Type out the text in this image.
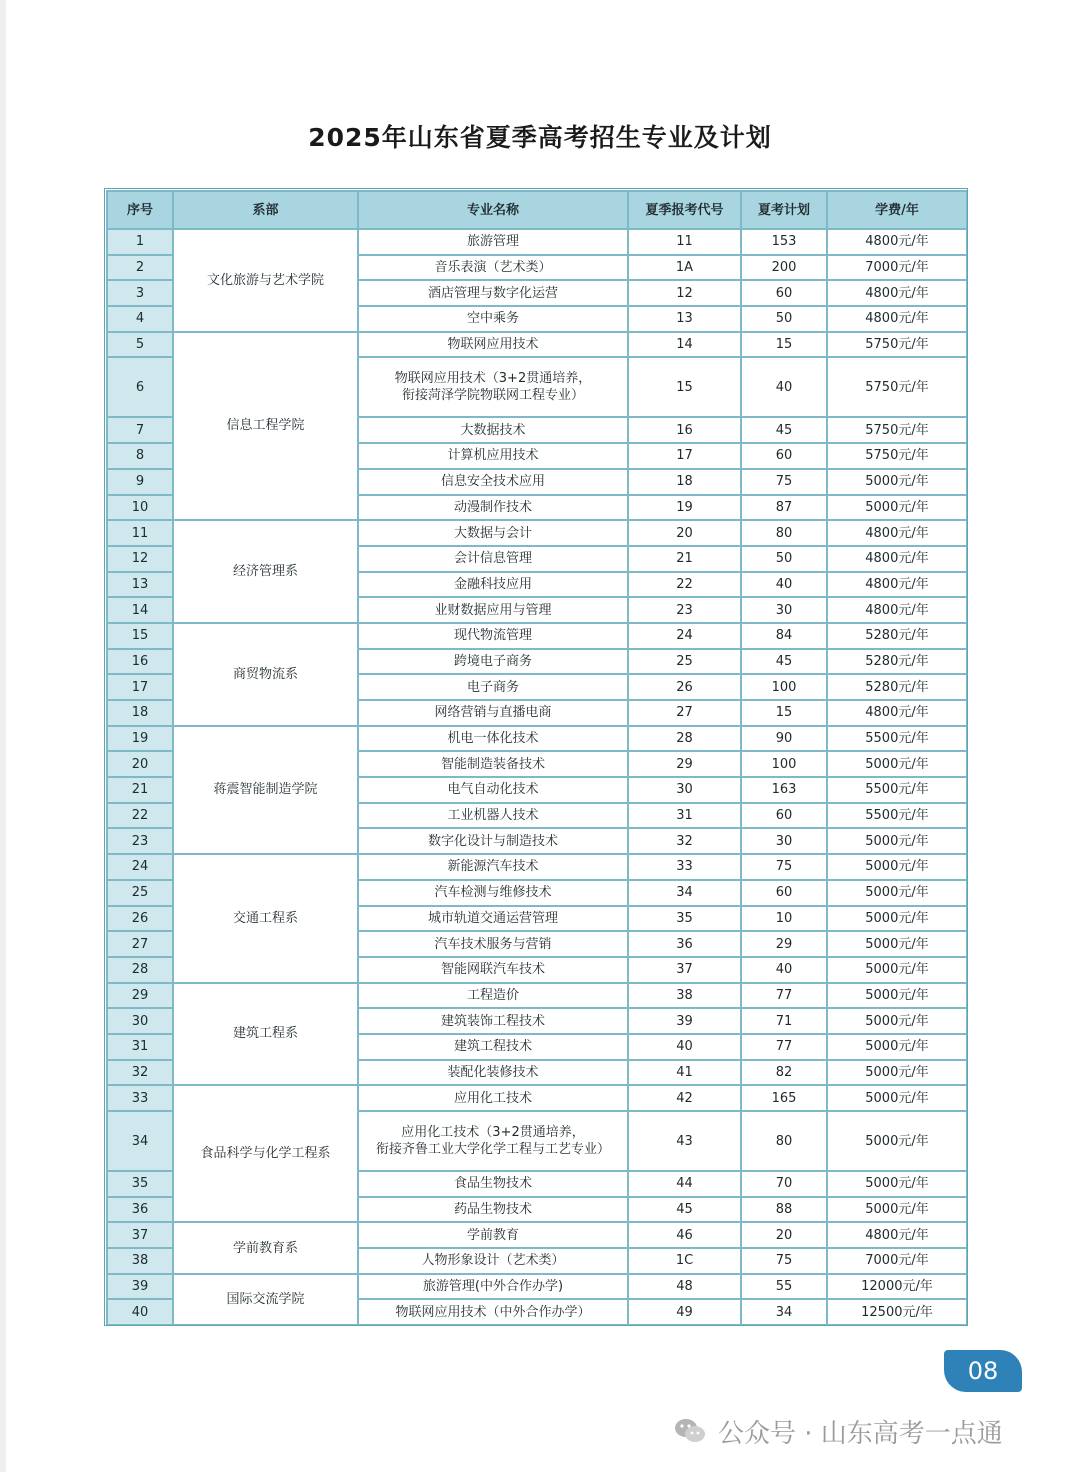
2025年山东省夏季高考招生专业及计划
序号	系部	专业名称	夏季报考代号	夏考计划	学费/年
1	文化旅游与艺术学院	旅游管理	11	153	4800元/年
2		音乐表演（艺术类）	1A	200	7000元/年
3		酒店管理与数字化运营	12	60	4800元/年
4		空中乘务	13	50	4800元/年
5	信息工程学院	物联网应用技术	14	15	5750元/年
6		物联网应用技术（3+2贯通培养，
衔接菏泽学院物联网工程专业）	15	40	5750元/年
7		大数据技术	16	45	5750元/年
8		计算机应用技术	17	60	5750元/年
9		信息安全技术应用	18	75	5000元/年
10		动漫制作技术	19	87	5000元/年
11	经济管理系	大数据与会计	20	80	4800元/年
12		会计信息管理	21	50	4800元/年
13		金融科技应用	22	40	4800元/年
14		业财数据应用与管理	23	30	4800元/年
15	商贸物流系	现代物流管理	24	84	5280元/年
16		跨境电子商务	25	45	5280元/年
17		电子商务	26	100	5280元/年
18		网络营销与直播电商	27	15	4800元/年
19	蒋震智能制造学院	机电一体化技术	28	90	5500元/年
20		智能制造装备技术	29	100	5000元/年
21		电气自动化技术	30	163	5500元/年
22		工业机器人技术	31	60	5500元/年
23		数字化设计与制造技术	32	30	5000元/年
24	交通工程系	新能源汽车技术	33	75	5000元/年
25		汽车检测与维修技术	34	60	5000元/年
26		城市轨道交通运营管理	35	10	5000元/年
27		汽车技术服务与营销	36	29	5000元/年
28		智能网联汽车技术	37	40	5000元/年
29	建筑工程系	工程造价	38	77	5000元/年
30		建筑装饰工程技术	39	71	5000元/年
31		建筑工程技术	40	77	5000元/年
32		装配化装修技术	41	82	5000元/年
33	食品科学与化学工程系	应用化工技术	42	165	5000元/年
34		应用化工技术（3+2贯通培养，
衔接齐鲁工业大学化学工程与工艺专业）	43	80	5000元/年
35		食品生物技术	44	70	5000元/年
36		药品生物技术	45	88	5000元/年
37	学前教育系	学前教育	46	20	4800元/年
38		人物形象设计（艺术类）	1C	75	7000元/年
39	国际交流学院	旅游管理(中外合作办学)	48	55	12000元/年
40		物联网应用技术（中外合作办学）	49	34	12500元/年
08
公众号 · 山东高考一点通
